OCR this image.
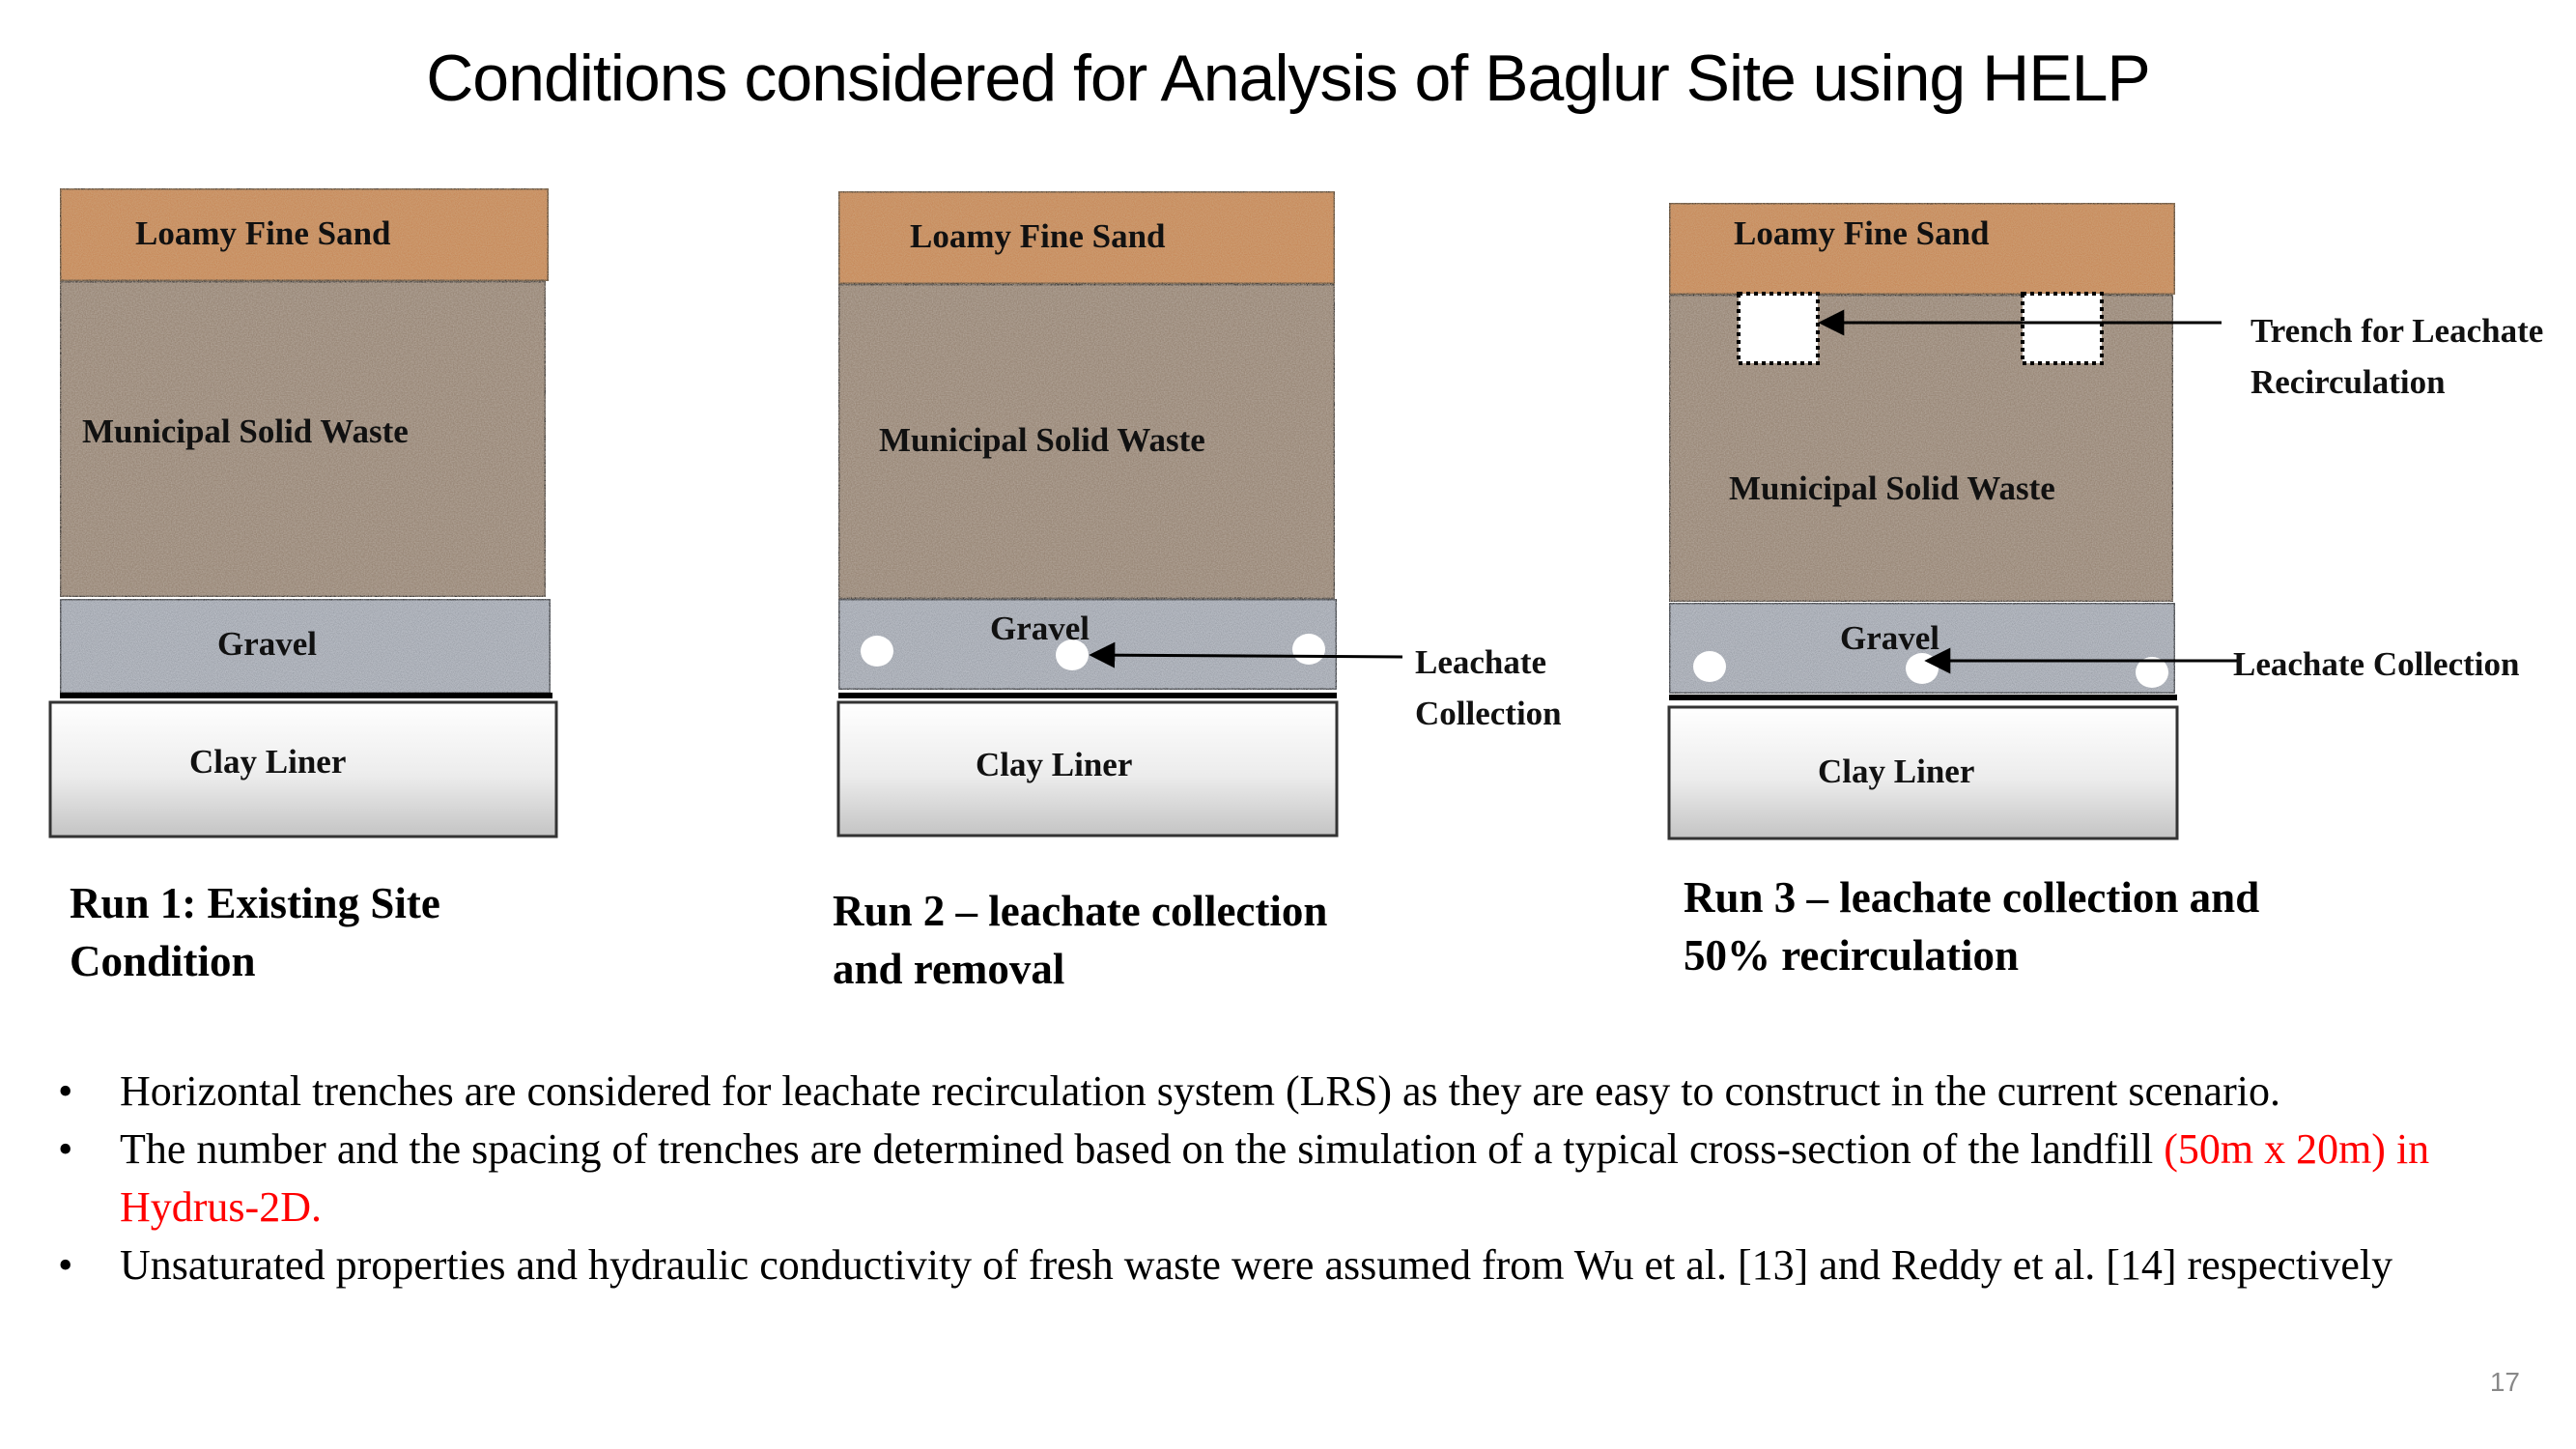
Conditions considered for Analysis of Baglur Site using HELP
Loamy Fine Sand
Municipal Solid Waste
Gravel
Clay Liner
Loamy Fine Sand
Municipal Solid Waste
Gravel
Clay Liner
Leachate
Collection
Loamy Fine Sand
Municipal Solid Waste
Gravel
Clay Liner
Trench for Leachate
Recirculation
Leachate Collection
Run 1: Existing Site
Condition
Run 2 – leachate collection
and removal
Run 3 – leachate collection and
50% recirculation
• Horizontal trenches are considered for leachate recirculation system (LRS) as they are easy to construct in the current scenario.
• The number and the spacing of trenches are determined based on the simulation of a typical cross-section of the landfill (50m x 20m) in Hydrus-2D.
• Unsaturated properties and hydraulic conductivity of fresh waste were assumed from Wu et al. [13] and Reddy et al. [14] respectively
17
